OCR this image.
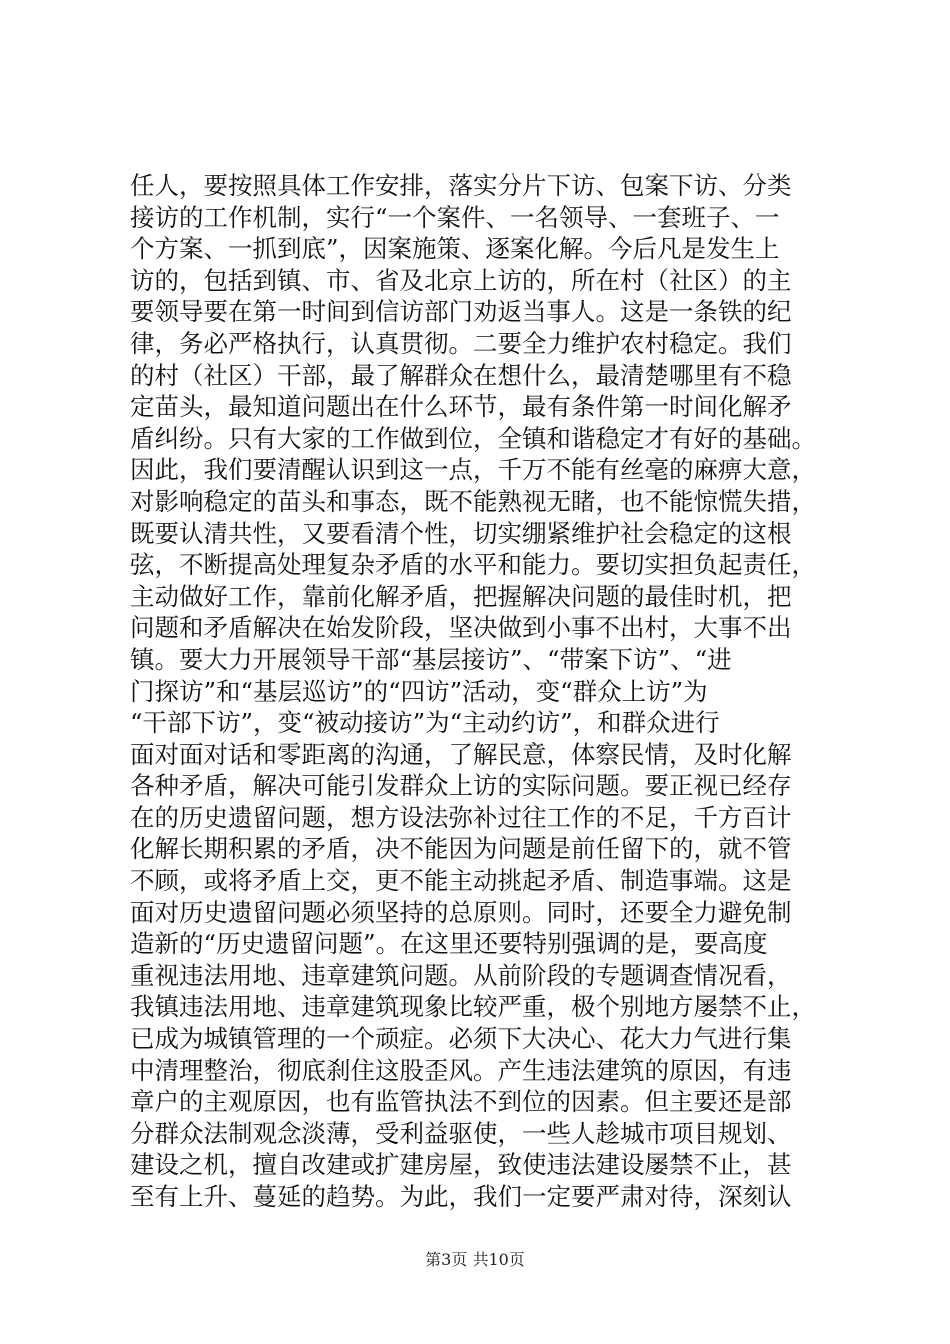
任人，要按照具体工作安排，落实分片下访、包案下访、分类
接访的工作机制，实行“一个案件、一名领导、一套班子、一
个方案、一抓到底”，因案施策、逐案化解。今后凡是发生上
访的，包括到镇、市、省及北京上访的，所在村（社区）的主
要领导要在第一时间到信访部门劝返当事人。这是一条铁的纪
律，务必严格执行，认真贯彻。二要全力维护农村稳定。我们
的村（社区）干部，最了解群众在想什么，最清楚哪里有不稳
定苗头，最知道问题出在什么环节，最有条件第一时间化解矛
盾纠纷。只有大家的工作做到位，全镇和谐稳定才有好的基础。
因此，我们要清醒认识到这一点，千万不能有丝毫的麻痹大意，
对影响稳定的苗头和事态，既不能熟视无睹，也不能惊慌失措，
既要认清共性，又要看清个性，切实绷紧维护社会稳定的这根
弦，不断提高处理复杂矛盾的水平和能力。要切实担负起责任，
主动做好工作，靠前化解矛盾，把握解决问题的最佳时机，把
问题和矛盾解决在始发阶段，坚决做到小事不出村，大事不出
镇。要大力开展领导干部“基层接访”、“带案下访”、“进
门探访”和“基层巡访”的“四访”活动，变“群众上访”为
“干部下访”，变“被动接访”为“主动约访”，和群众进行
面对面对话和零距离的沟通，了解民意，体察民情，及时化解
各种矛盾，解决可能引发群众上访的实际问题。要正视已经存
在的历史遗留问题，想方设法弥补过往工作的不足，千方百计
化解长期积累的矛盾，决不能因为问题是前任留下的，就不管
不顾，或将矛盾上交，更不能主动挑起矛盾、制造事端。这是
面对历史遗留问题必须坚持的总原则。同时，还要全力避免制
造新的“历史遗留问题”。在这里还要特别强调的是，要高度
重视违法用地、违章建筑问题。从前阶段的专题调查情况看，
我镇违法用地、违章建筑现象比较严重，极个别地方屡禁不止，
已成为城镇管理的一个顽症。必须下大决心、花大力气进行集
中清理整治，彻底刹住这股歪风。产生违法建筑的原因，有违
章户的主观原因，也有监管执法不到位的因素。但主要还是部
分群众法制观念淡薄，受利益驱使，一些人趁城市项目规划、
建设之机，擅自改建或扩建房屋，致使违法建设屡禁不止，甚
至有上升、蔓延的趋势。为此，我们一定要严肃对待，深刻认
第3页 共10页
